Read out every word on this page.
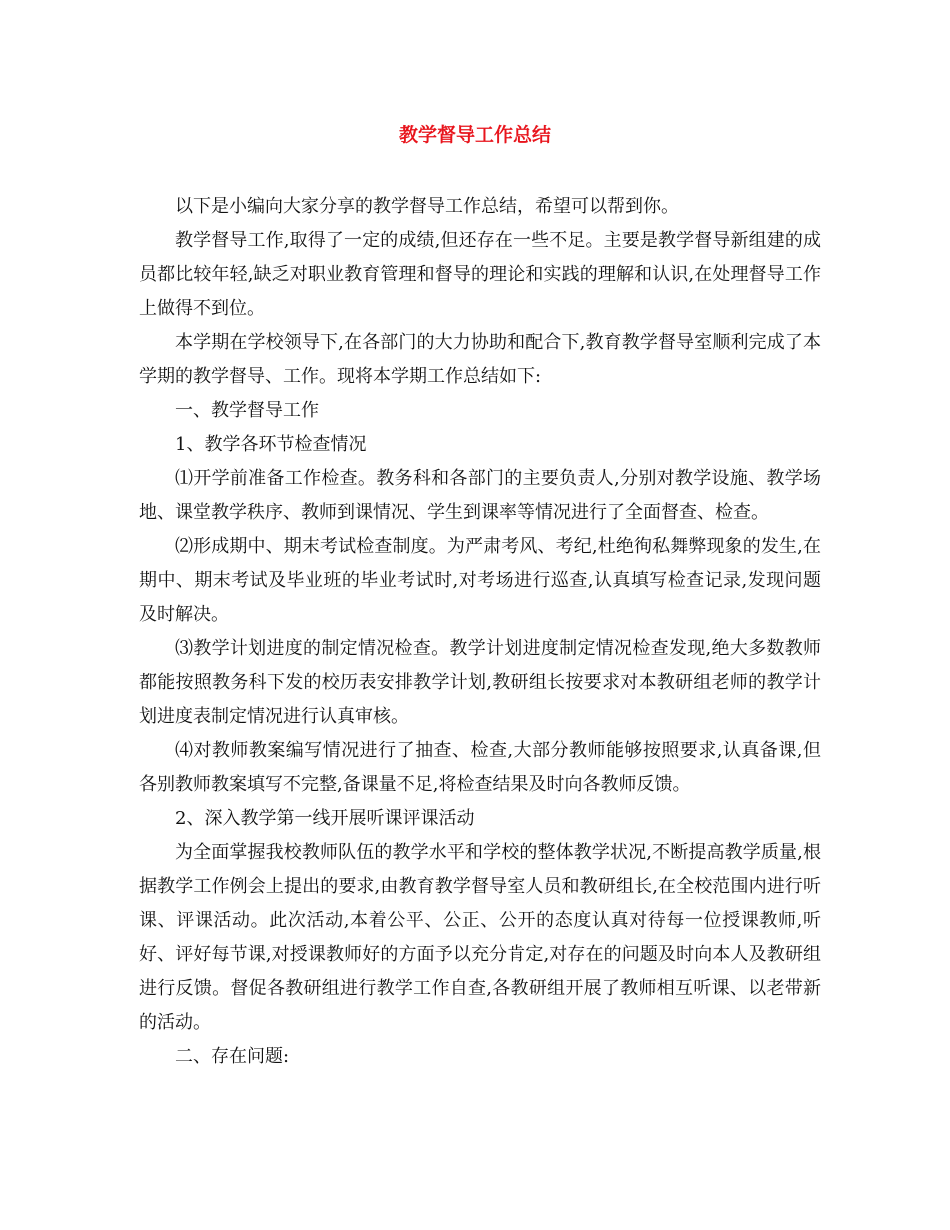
教学督导工作总结

以下是小编向大家分享的教学督导工作总结，希望可以帮到你。

教学督导工作,取得了一定的成绩,但还存在一些不足。主要是教学督导新组建的成员都比较年轻,缺乏对职业教育管理和督导的理论和实践的理解和认识,在处理督导工作上做得不到位。

本学期在学校领导下,在各部门的大力协助和配合下,教育教学督导室顺利完成了本学期的教学督导、工作。现将本学期工作总结如下:

一、教学督导工作

1、教学各环节检查情况

⑴开学前准备工作检查。教务科和各部门的主要负责人,分别对教学设施、教学场地、课堂教学秩序、教师到课情况、学生到课率等情况进行了全面督查、检查。

⑵形成期中、期末考试检查制度。为严肃考风、考纪,杜绝徇私舞弊现象的发生,在期中、期末考试及毕业班的毕业考试时,对考场进行巡查,认真填写检查记录,发现问题及时解决。

⑶教学计划进度的制定情况检查。教学计划进度制定情况检查发现,绝大多数教师都能按照教务科下发的校历表安排教学计划,教研组长按要求对本教研组老师的教学计划进度表制定情况进行认真审核。

⑷对教师教案编写情况进行了抽查、检查,大部分教师能够按照要求,认真备课,但各别教师教案填写不完整,备课量不足,将检查结果及时向各教师反馈。

2、深入教学第一线开展听课评课活动

为全面掌握我校教师队伍的教学水平和学校的整体教学状况,不断提高教学质量,根据教学工作例会上提出的要求,由教育教学督导室人员和教研组长,在全校范围内进行听课、评课活动。此次活动,本着公平、公正、公开的态度认真对待每一位授课教师,听好、评好每节课,对授课教师好的方面予以充分肯定,对存在的问题及时向本人及教研组进行反馈。督促各教研组进行教学工作自查,各教研组开展了教师相互听课、以老带新的活动。

二、存在问题:
